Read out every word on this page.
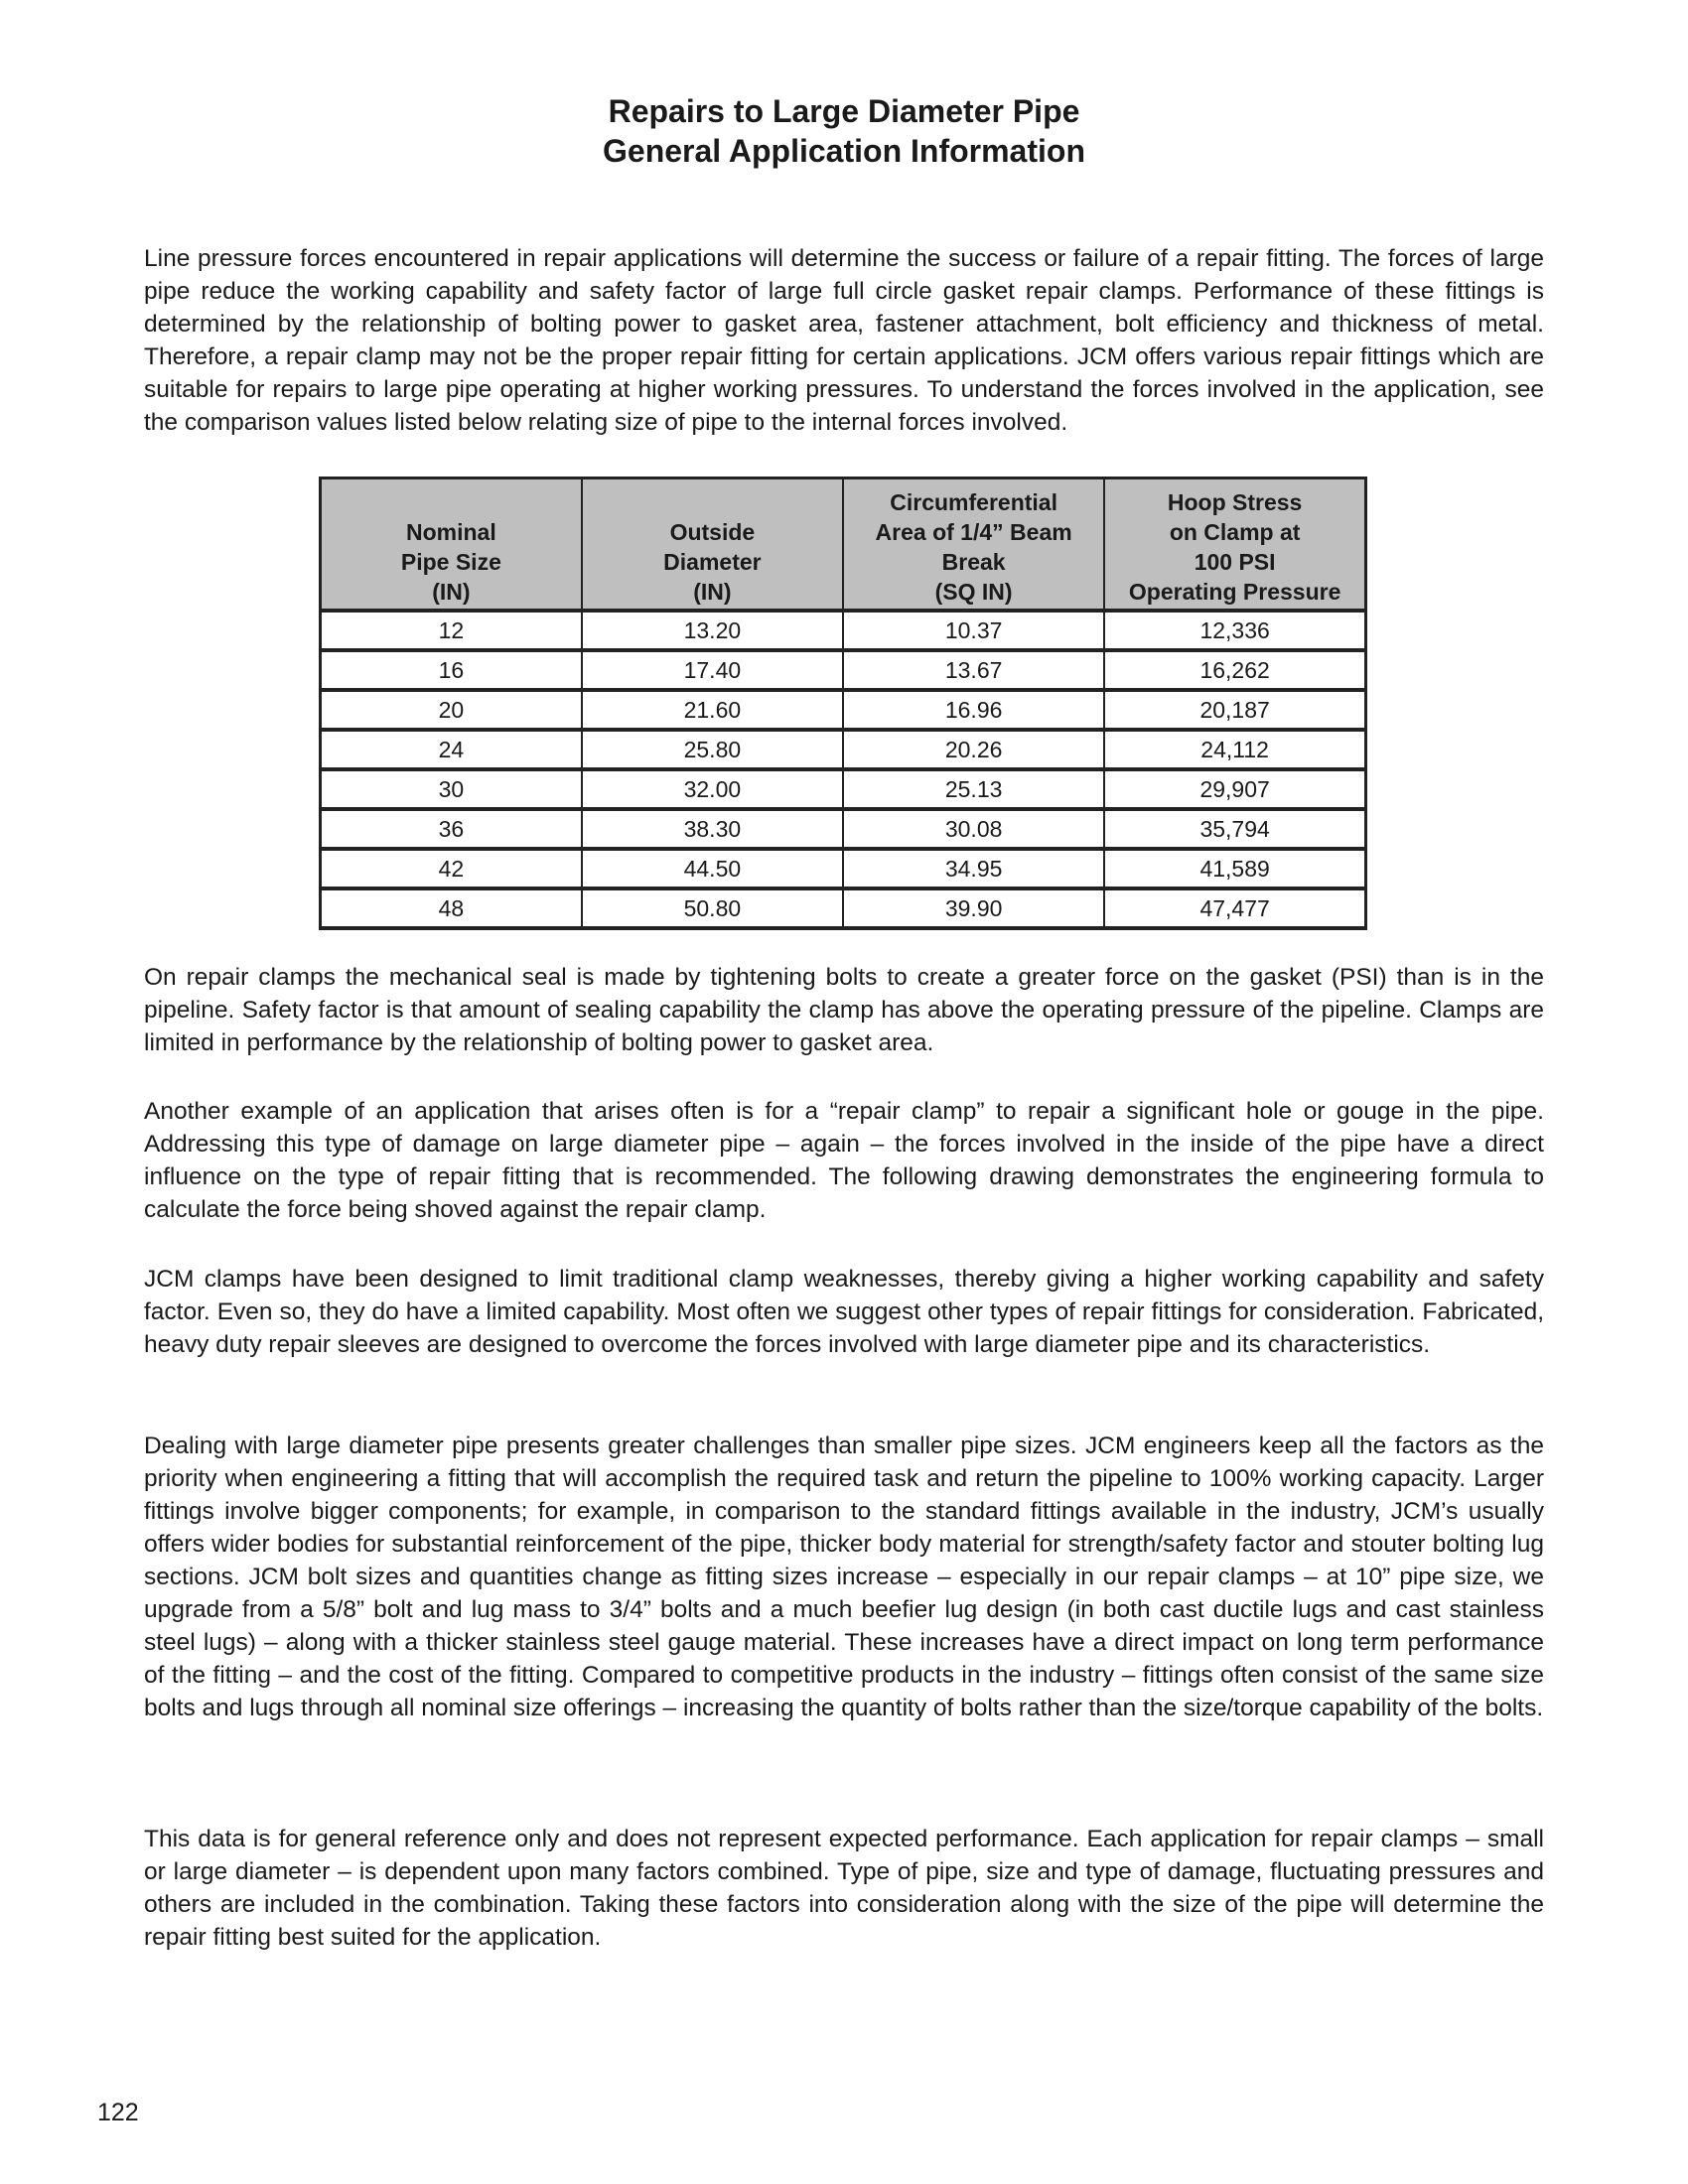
Repairs to Large Diameter Pipe
General Application Information

Line pressure forces encountered in repair applications will determine the success or failure of a repair fitting. The forces of large pipe reduce the working capability and safety factor of large full circle gasket repair clamps. Performance of these fittings is determined by the relationship of bolting power to gasket area, fastener attachment, bolt efficiency and thickness of metal. Therefore, a repair clamp may not be the proper repair fitting for certain applications. JCM offers various repair fittings which are suitable for repairs to large pipe operating at higher working pressures. To understand the forces involved in the application, see the comparison values listed below relating size of pipe to the internal forces involved.

Nominal
Pipe Size
(IN)	Outside
Diameter
(IN)	Circumferential
Area of 1/4” Beam
Break
(SQ IN)	Hoop Stress
on Clamp at
100 PSI
Operating Pressure

12	13.20	10.37	12,336
16	17.40	13.67	16,262
20	21.60	16.96	20,187
24	25.80	20.26	24,112
30	32.00	25.13	29,907
36	38.30	30.08	35,794
42	44.50	34.95	41,589
48	50.80	39.90	47,477

On repair clamps the mechanical seal is made by tightening bolts to create a greater force on the gasket (PSI) than is in the pipeline. Safety factor is that amount of sealing capability the clamp has above the operating pressure of the pipeline. Clamps are limited in performance by the relationship of bolting power to gasket area.

Another example of an application that arises often is for a “repair clamp” to repair a significant hole or gouge in the pipe. Addressing this type of damage on large diameter pipe – again – the forces involved in the inside of the pipe have a direct influence on the type of repair fitting that is recommended. The following drawing demonstrates the engineering formula to calculate the force being shoved against the repair clamp.

JCM clamps have been designed to limit traditional clamp weaknesses, thereby giving a higher working capability and safety factor. Even so, they do have a limited capability. Most often we suggest other types of repair fittings for consideration. Fabricated, heavy duty repair sleeves are designed to overcome the forces involved with large diameter pipe and its characteristics.

Dealing with large diameter pipe presents greater challenges than smaller pipe sizes. JCM engineers keep all the factors as the priority when engineering a fitting that will accomplish the required task and return the pipeline to 100% working capacity. Larger fittings involve bigger components; for example, in comparison to the standard fittings available in the industry, JCM’s usually offers wider bodies for substantial reinforcement of the pipe, thicker body material for strength/safety factor and stouter bolting lug sections. JCM bolt sizes and quantities change as fitting sizes increase – especially in our repair clamps – at 10” pipe size, we upgrade from a 5/8” bolt and lug mass to 3/4” bolts and a much beefier lug design (in both cast ductile lugs and cast stainless steel lugs) – along with a thicker stainless steel gauge material. These increases have a direct impact on long term performance of the fitting – and the cost of the fitting. Compared to competitive products in the industry – fittings often consist of the same size bolts and lugs through all nominal size offerings – increasing the quantity of bolts rather than the size/torque capability of the bolts.

This data is for general reference only and does not represent expected performance. Each application for repair clamps – small or large diameter – is dependent upon many factors combined. Type of pipe, size and type of damage, fluctuating pressures and others are included in the combination. Taking these factors into consideration along with the size of the pipe will determine the repair fitting best suited for the application.

122
